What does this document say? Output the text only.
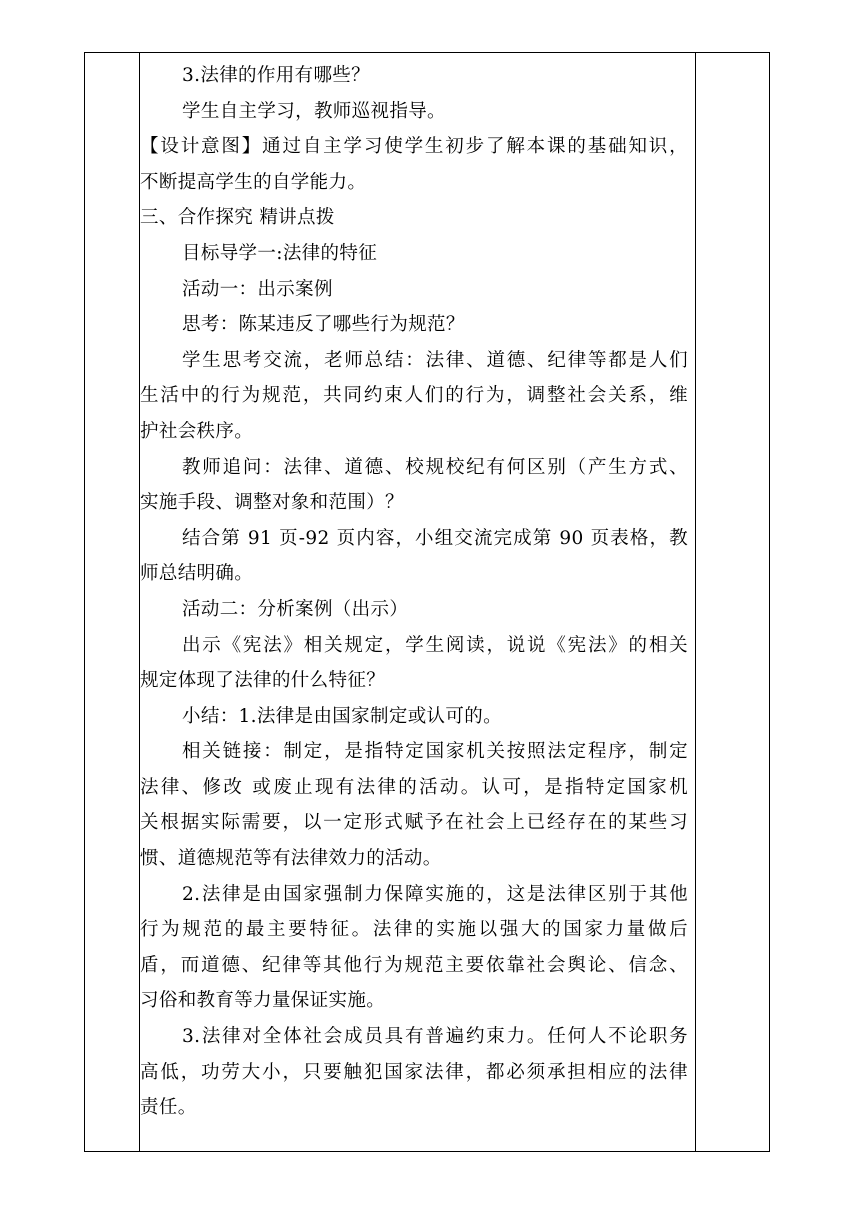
3.法律的作用有哪些？
学生自主学习，教师巡视指导。
【设计意图】通过自主学习使学生初步了解本课的基础知识，
不断提高学生的自学能力。
三、合作探究 精讲点拨
目标导学一:法律的特征
活动一：出示案例
思考：陈某违反了哪些行为规范？
学生思考交流，老师总结：法律、道德、纪律等都是人们
生活中的行为规范，共同约束人们的行为，调整社会关系，维
护社会秩序。
教师追问：法律、道德、校规校纪有何区别（产生方式、
实施手段、调整对象和范围）？
结合第 91 页-92 页内容，小组交流完成第 90 页表格，教
师总结明确。
活动二：分析案例（出示）
出示《宪法》相关规定，学生阅读，说说《宪法》的相关
规定体现了法律的什么特征？
小结：1.法律是由国家制定或认可的。
相关链接：制定，是指特定国家机关按照法定程序，制定
法律、修改 或废止现有法律的活动。认可，是指特定国家机
关根据实际需要，以一定形式赋予在社会上已经存在的某些习
惯、道德规范等有法律效力的活动。
2.法律是由国家强制力保障实施的，这是法律区别于其他
行为规范的最主要特征。法律的实施以强大的国家力量做后
盾，而道德、纪律等其他行为规范主要依靠社会舆论、信念、
习俗和教育等力量保证实施。
3.法律对全体社会成员具有普遍约束力。任何人不论职务
高低，功劳大小，只要触犯国家法律，都必须承担相应的法律
责任。
